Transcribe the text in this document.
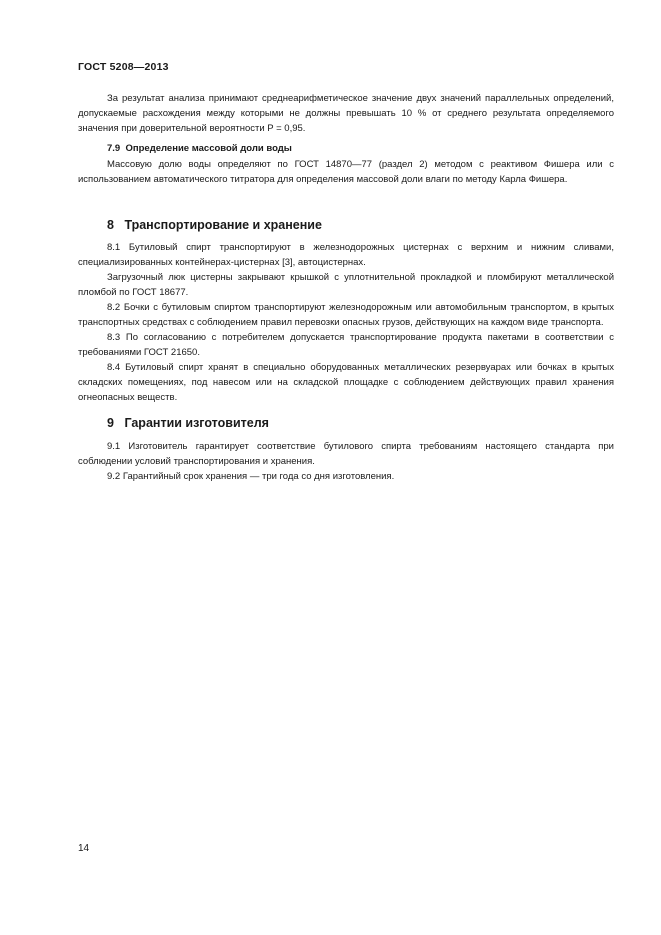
ГОСТ 5208—2013

За результат анализа принимают среднеарифметическое значение двух значений параллельных определений, допускаемые расхождения между которыми не должны превышать 10 % от среднего результата определяемого значения при доверительной вероятности P = 0,95.

7.9 Определение массовой доли воды

Массовую долю воды определяют по ГОСТ 14870—77 (раздел 2) методом с реактивом Фишера или с использованием автоматического титратора для определения массовой доли влаги по методу Карла Фишера.

8 Транспортирование и хранение

8.1 Бутиловый спирт транспортируют в железнодорожных цистернах с верхним и нижним сливами, специализированных контейнерах-цистернах [3], автоцистернах.

Загрузочный люк цистерны закрывают крышкой с уплотнительной прокладкой и пломбируют металлической пломбой по ГОСТ 18677.

8.2 Бочки с бутиловым спиртом транспортируют железнодорожным или автомобильным транспортом, в крытых транспортных средствах с соблюдением правил перевозки опасных грузов, действующих на каждом виде транспорта.

8.3 По согласованию с потребителем допускается транспортирование продукта пакетами в соответствии с требованиями ГОСТ 21650.

8.4 Бутиловый спирт хранят в специально оборудованных металлических резервуарах или бочках в крытых складских помещениях, под навесом или на складской площадке с соблюдением действующих правил хранения огнеопасных веществ.

9 Гарантии изготовителя

9.1 Изготовитель гарантирует соответствие бутилового спирта требованиям настоящего стандарта при соблюдении условий транспортирования и хранения.

9.2 Гарантийный срок хранения — три года со дня изготовления.

14
